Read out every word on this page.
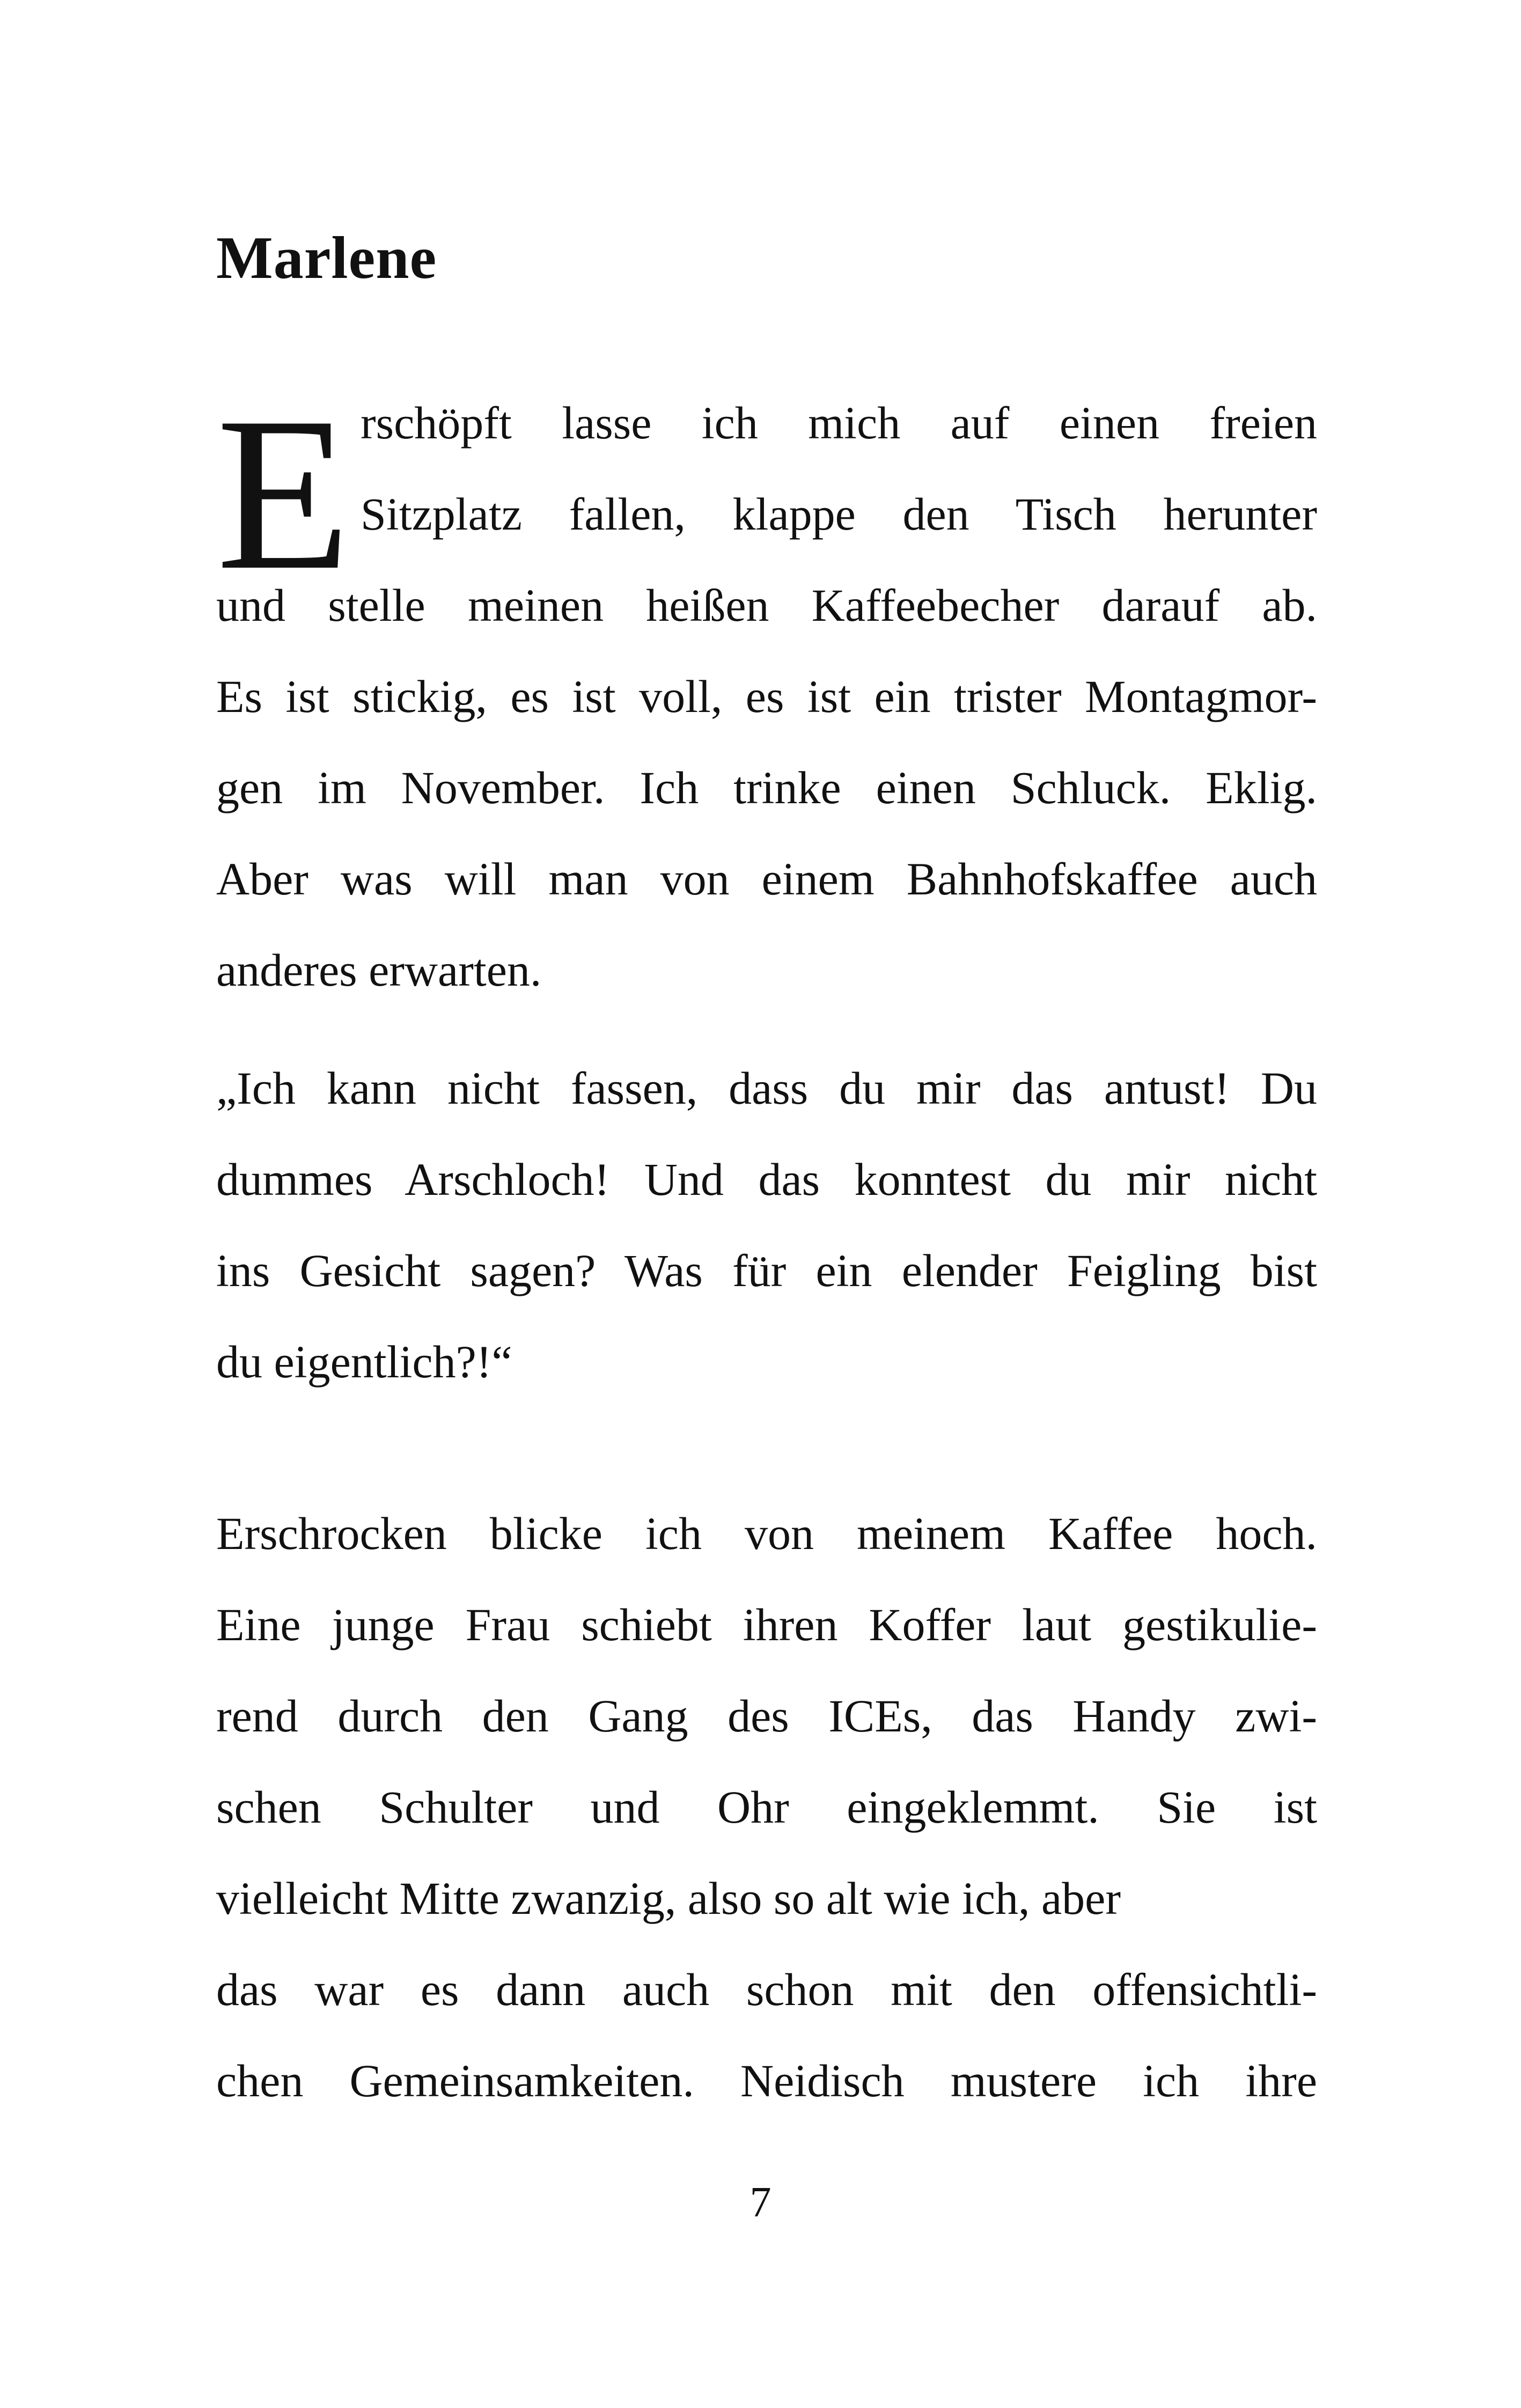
Marlene
E rschöpft lasse ich mich auf einen freien

Sitzplatz fallen, klappe den Tisch herunter

und stelle meinen heißen Kaffeebecher darauf ab.

Es ist stickig, es ist voll, es ist ein trister Montagmor-

gen im November. Ich trinke einen Schluck. Eklig.

Aber was will man von einem Bahnhofskaffee auch

anderes erwarten.

„Ich kann nicht fassen, dass du mir das antust! Du

dummes Arschloch! Und das konntest du mir nicht

ins Gesicht sagen? Was für ein elender Feigling bist

du eigentlich?!“

Erschrocken blicke ich von meinem Kaffee hoch.

Eine junge Frau schiebt ihren Koffer laut gestikulie-

rend durch den Gang des ICEs, das Handy zwi-

schen Schulter und Ohr eingeklemmt. Sie ist

vielleicht Mitte zwanzig, also so alt wie ich, aber

das war es dann auch schon mit den offensichtli-

chen Gemeinsamkeiten. Neidisch mustere ich ihre

7
